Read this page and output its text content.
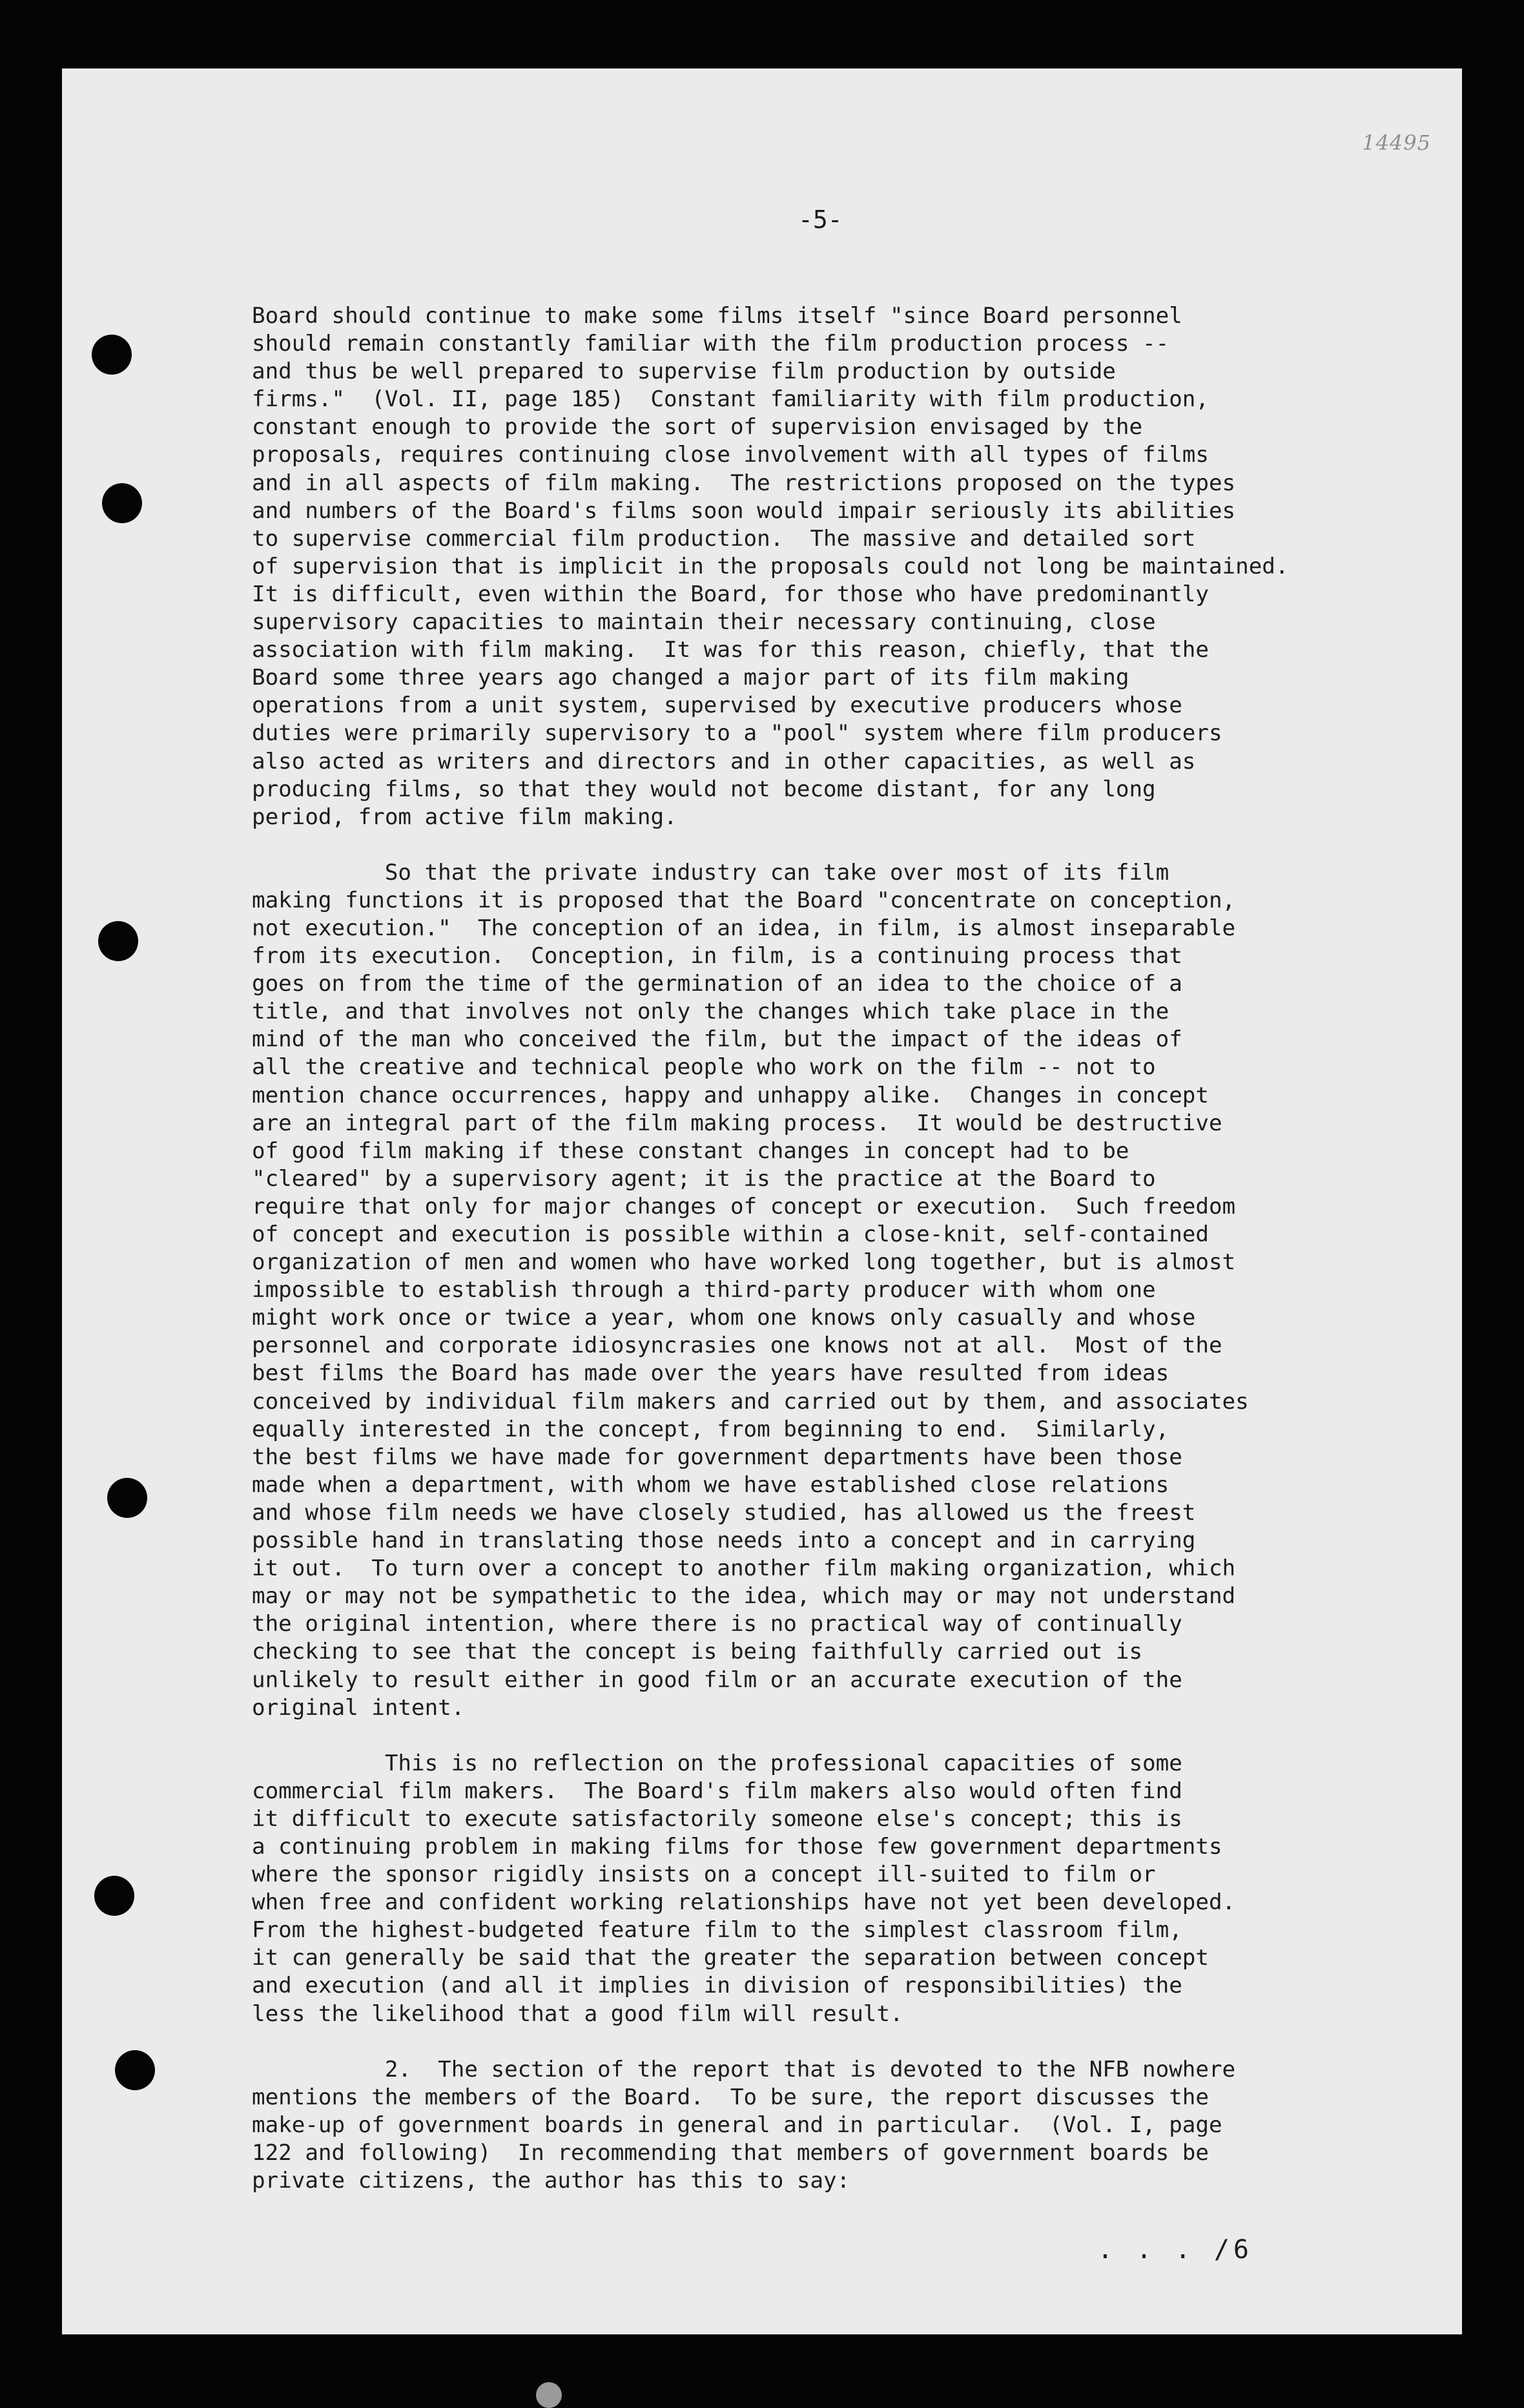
14495
-5-

Board should continue to make some films itself "since Board personnel
should remain constantly familiar with the film production process --
and thus be well prepared to supervise film production by outside
firms."  (Vol. II, page 185)  Constant familiarity with film production,
constant enough to provide the sort of supervision envisaged by the
proposals, requires continuing close involvement with all types of films
and in all aspects of film making.  The restrictions proposed on the types
and numbers of the Board's films soon would impair seriously its abilities
to supervise commercial film production.  The massive and detailed sort
of supervision that is implicit in the proposals could not long be maintained.
It is difficult, even within the Board, for those who have predominantly
supervisory capacities to maintain their necessary continuing, close
association with film making.  It was for this reason, chiefly, that the
Board some three years ago changed a major part of its film making
operations from a unit system, supervised by executive producers whose
duties were primarily supervisory to a "pool" system where film producers
also acted as writers and directors and in other capacities, as well as
producing films, so that they would not become distant, for any long
period, from active film making.

So that the private industry can take over most of its film
making functions it is proposed that the Board "concentrate on conception,
not execution."  The conception of an idea, in film, is almost inseparable
from its execution.  Conception, in film, is a continuing process that
goes on from the time of the germination of an idea to the choice of a
title, and that involves not only the changes which take place in the
mind of the man who conceived the film, but the impact of the ideas of
all the creative and technical people who work on the film -- not to
mention chance occurrences, happy and unhappy alike.  Changes in concept
are an integral part of the film making process.  It would be destructive
of good film making if these constant changes in concept had to be
"cleared" by a supervisory agent; it is the practice at the Board to
require that only for major changes of concept or execution.  Such freedom
of concept and execution is possible within a close-knit, self-contained
organization of men and women who have worked long together, but is almost
impossible to establish through a third-party producer with whom one
might work once or twice a year, whom one knows only casually and whose
personnel and corporate idiosyncrasies one knows not at all.  Most of the
best films the Board has made over the years have resulted from ideas
conceived by individual film makers and carried out by them, and associates
equally interested in the concept, from beginning to end.  Similarly,
the best films we have made for government departments have been those
made when a department, with whom we have established close relations
and whose film needs we have closely studied, has allowed us the freest
possible hand in translating those needs into a concept and in carrying
it out.  To turn over a concept to another film making organization, which
may or may not be sympathetic to the idea, which may or may not understand
the original intention, where there is no practical way of continually
checking to see that the concept is being faithfully carried out is
unlikely to result either in good film or an accurate execution of the
original intent.

This is no reflection on the professional capacities of some
commercial film makers.  The Board's film makers also would often find
it difficult to execute satisfactorily someone else's concept; this is
a continuing problem in making films for those few government departments
where the sponsor rigidly insists on a concept ill-suited to film or
when free and confident working relationships have not yet been developed.
From the highest-budgeted feature film to the simplest classroom film,
it can generally be said that the greater the separation between concept
and execution (and all it implies in division of responsibilities) the
less the likelihood that a good film will result.

2.  The section of the report that is devoted to the NFB nowhere
mentions the members of the Board.  To be sure, the report discusses the
make-up of government boards in general and in particular.  (Vol. I, page
122 and following)  In recommending that members of government boards be
private citizens, the author has this to say:

. . . /6
